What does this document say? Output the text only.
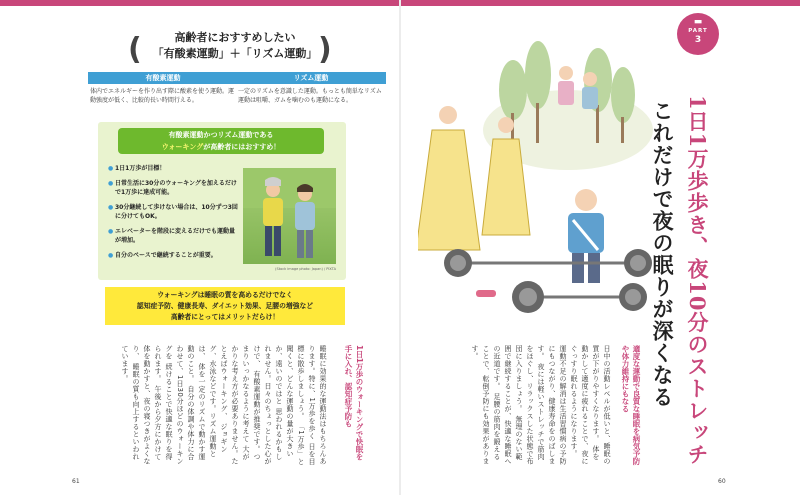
(	)
高齢者におすすめしたい
「有酸素運動」＋「リズム運動」
有酸素運動
体内でエネルギーを作り出す際に酸素を使う運動。運動強度が低く、比較的長い時間行える。
リズム運動
一定のリズムを意識した運動。もっとも簡単なリズム運動は咀嚼、ガムを噛むのも運動になる。
有酸素運動かつリズム運動である
ウォーキングが高齢者にはおすすめ！
● 1日1万歩が目標！
● 日常生活に30分のウォーキングを加えるだけで1万歩に達成可能。
● 30分継続して歩けない場合は、10分ずつ3回に分けてもOK。
● エレベーターを階段に変えるだけでも運動量が増加。
● 自分のペースで継続することが重要。
(Stock image photo: Japan) / PIXTA
ウォーキングは睡眠の質を高めるだけでなく
認知症予防、健康長寿、ダイエット効果、足腰の増強など
高齢者にとってはメリットだらけ！
1日1万歩のウォーキングで快眠を手に入れ、認知症予防も
睡眠に効果的な運動法はもちろんあります。特に、1万歩を歩く 日を目標に散歩しましょう。 「1万歩」と聞くと、どんな運動の量が大きいか、遠いのではと 思われるかもしれません。日々のちょっとした心がけで、 有酸素運動が推奨です。つまりいっかなるように考えて 大がかりな考え方が必要ありません。たとえばウォーキング、 ジョギング、水泳などです。リズム運動とは、 体を一定のリズムで動かす運動のこと。 自分の体調や体力に合わせて、1日30分ほどのウォーキングを 続けることで快適な眠りを得られます。 午後から夕方にかけて体を動かすと、夜の寝つきがよくなり、 睡眠の質も向上するといわれています。
61
▬
PART
3
1日1万歩歩き、夜10分のストレッチ
これだけで夜の眠りが深くなる
適度な運動で良質な睡眠を病気予防や体力維持にもなる
日中の活動レベルが低いと、睡眠の質が下がりやすくなります。 体を動かして適度に疲れることで、夜にぐっすり眠れるようになります。 運動不足の解消は生活習慣病の予防にもつながり、健康寿命をのばします。 夜には軽いストレッチで筋肉をほぐし、リラックスした状態で布団に入りましょう。 無理のない範囲で継続することが、快適な睡眠への近道です。 足腰の筋肉を鍛えることで、転倒予防にも効果があります。
60
